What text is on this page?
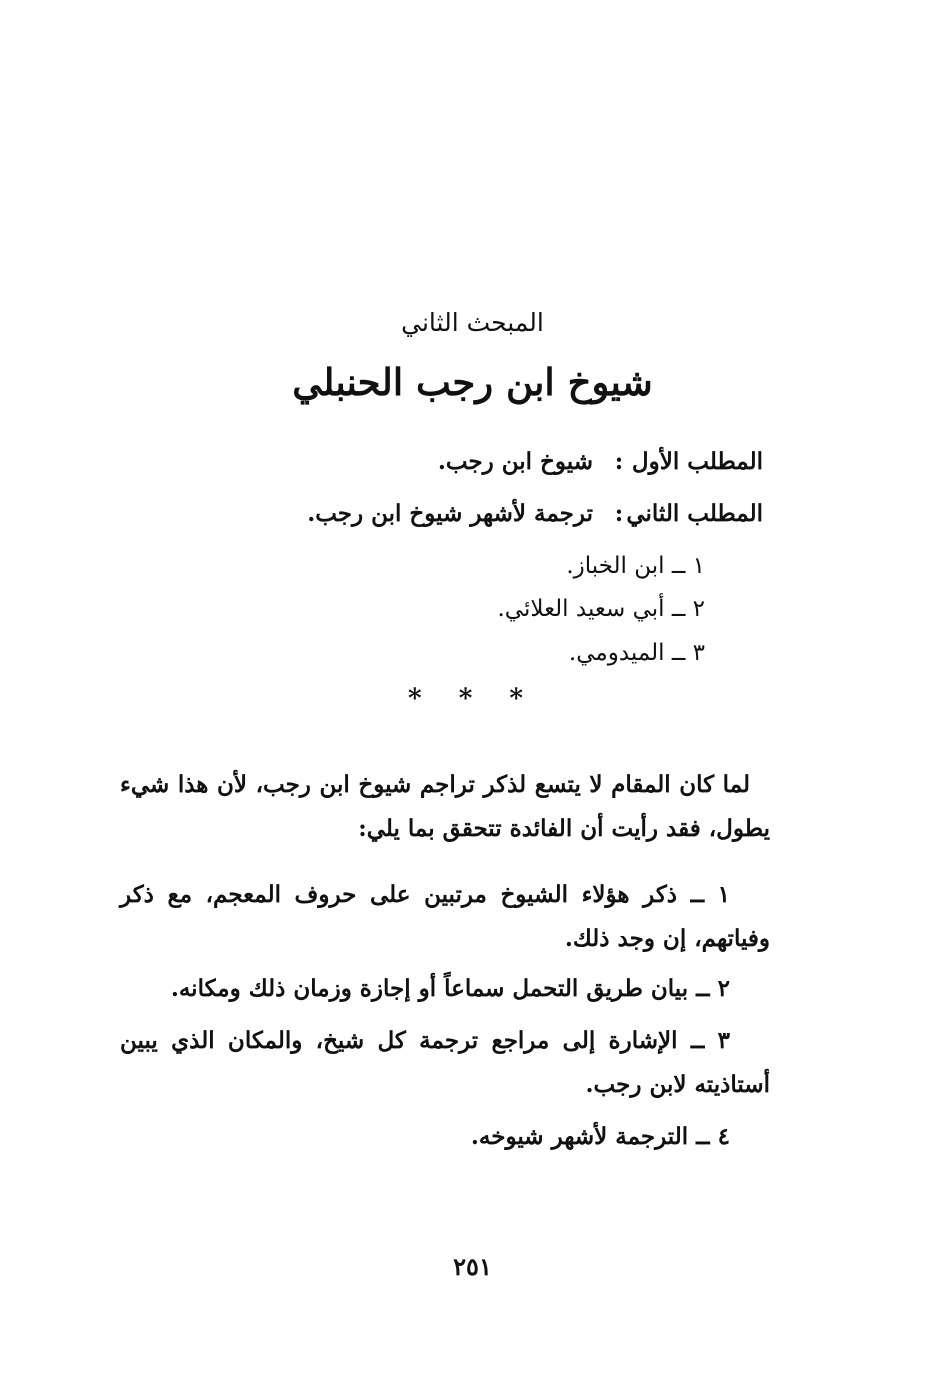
المبحث الثاني
شيوخ ابن رجب الحنبلي
المطلب الأول:شيوخ ابن رجب.
المطلب الثاني:ترجمة لأشهر شيوخ ابن رجب.
١ ــ ابن الخباز.
٢ ــ أبي سعيد العلائي.
٣ ــ الميدومي.
* * *

لما كان المقام لا يتسع لذكر تراجم شيوخ ابن رجب، لأن هذا شيء يطول، فقد رأيت أن الفائدة تتحقق بما يلي:

١ ــ ذكر هؤلاء الشيوخ مرتبين على حروف المعجم، مع ذكر وفياتهم، إن وجد ذلك.

٢ ــ بيان طريق التحمل سماعاً أو إجازة وزمان ذلك ومكانه.

٣ ــ الإشارة إلى مراجع ترجمة كل شيخ، والمكان الذي يبين أستاذيته لابن رجب.

٤ ــ الترجمة لأشهر شيوخه.

٢٥١
